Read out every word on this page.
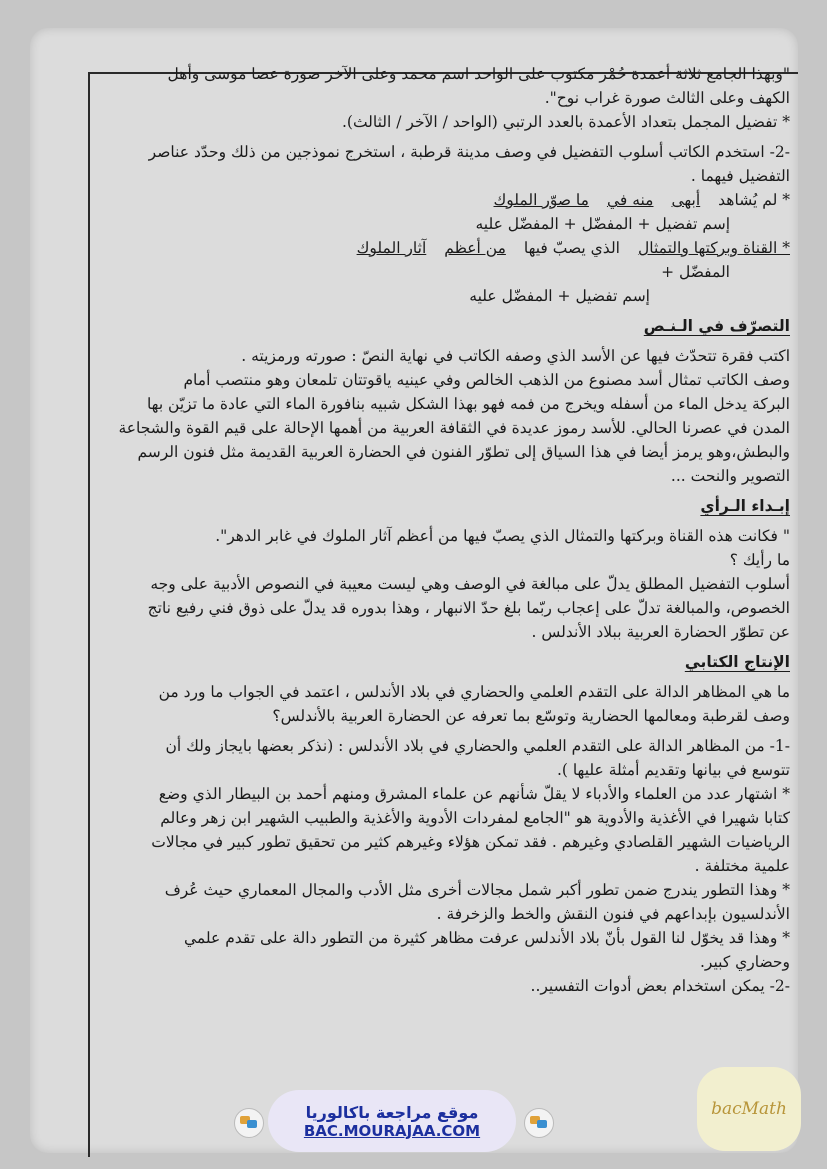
"وبهذا الجامع ثلاثة أعمدة حُمْر مكتوب على الواحد اسم محمد وعلى الآخر صورة عصا موسى وأهل
الكهف وعلى الثالث صورة غراب نوح".
* تفضيل المجمل بتعداد الأعمدة بالعدد الرتبي (الواحد / الآخر / الثالث).
-2- استخدم الكاتب أسلوب التفضيل في وصف مدينة قرطبة ، استخرج نموذجين من ذلك وحدّد عناصر
التفضيل فيهما .
* لم يُشاهد
أبهى
منه في
ما صوّر الملوك
إسم تفضيل + المفضّل + المفضّل عليه
* القناة وبركتها والتمثال
الذي يصبّ فيها
من أعظم
آثار الملوك
المفضّل +
إسم تفضيل + المفضّل عليه
التصرّف في الـنـص
اكتب فقرة تتحدّث فيها عن الأسد الذي وصفه الكاتب في نهاية النصّ : صورته ورمزيته .
وصف الكاتب تمثال أسد مصنوع من الذهب الخالص وفي عينيه ياقوتتان تلمعان وهو منتصب أمام
البركة يدخل الماء من أسفله ويخرج من فمه فهو بهذا الشكل شبيه بنافورة الماء التي عادة ما تزيّن بها
المدن في عصرنا الحالي. للأسد رموز عديدة في الثقافة العربية من أهمها الإحالة على قيم القوة والشجاعة
والبطش،وهو يرمز أيضا في هذا السياق إلى تطوّر الفنون في الحضارة العربية القديمة مثل فنون الرسم
التصوير والنحت ...
إبـداء الـرأي
" فكانت هذه القناة وبركتها والتمثال الذي يصبّ فيها من أعظم آثار الملوك في غابر الدهر".
ما رأيك ؟
أسلوب التفضيل المطلق يدلّ على مبالغة في الوصف وهي ليست معيبة في النصوص الأدبية على وجه
الخصوص، والمبالغة تدلّ على إعجاب ربّما بلغ حدّ الانبهار ، وهذا بدوره قد يدلّ على ذوق فني رفيع ناتج
عن تطوّر الحضارة العربية ببلاد الأندلس .
الإنتاج الكتابي
ما هي المظاهر الدالة على التقدم العلمي والحضاري في بلاد الأندلس ، اعتمد في الجواب ما ورد من
وصف لقرطبة ومعالمها الحضارية وتوسّع بما تعرفه عن الحضارة العربية بالأندلس؟
-1- من المظاهر الدالة على التقدم العلمي والحضاري في بلاد الأندلس : (نذكر بعضها بايجاز ولك أن
تتوسع في بيانها وتقديم أمثلة عليها ).
* اشتهار عدد من العلماء والأدباء لا يقلّ شأنهم عن علماء المشرق ومنهم أحمد بن البيطار الذي وضع
كتابا شهيرا في الأغذية والأدوية هو "الجامع لمفردات الأدوية والأغذية والطبيب الشهير ابن زهر وعالم
الرياضيات الشهير القلصادي وغيرهم . فقد تمكن هؤلاء وغيرهم كثير من تحقيق تطور كبير في مجالات
علمية مختلفة .
* وهذا التطور يندرج ضمن تطور أكبر شمل مجالات أخرى مثل الأدب والمجال المعماري حيث عُرف
الأندلسيون بإبداعهم في فنون النقش والخط والزخرفة .
* وهذا قد يخوّل لنا القول بأنّ بلاد الأندلس عرفت مظاهر كثيرة من التطور دالة على تقدم علمي
وحضاري كبير.
-2- يمكن استخدام بعض أدوات التفسير..
موقع مراجعة باكالوريا
BAC.MOURAJAA.COM
bacMath
